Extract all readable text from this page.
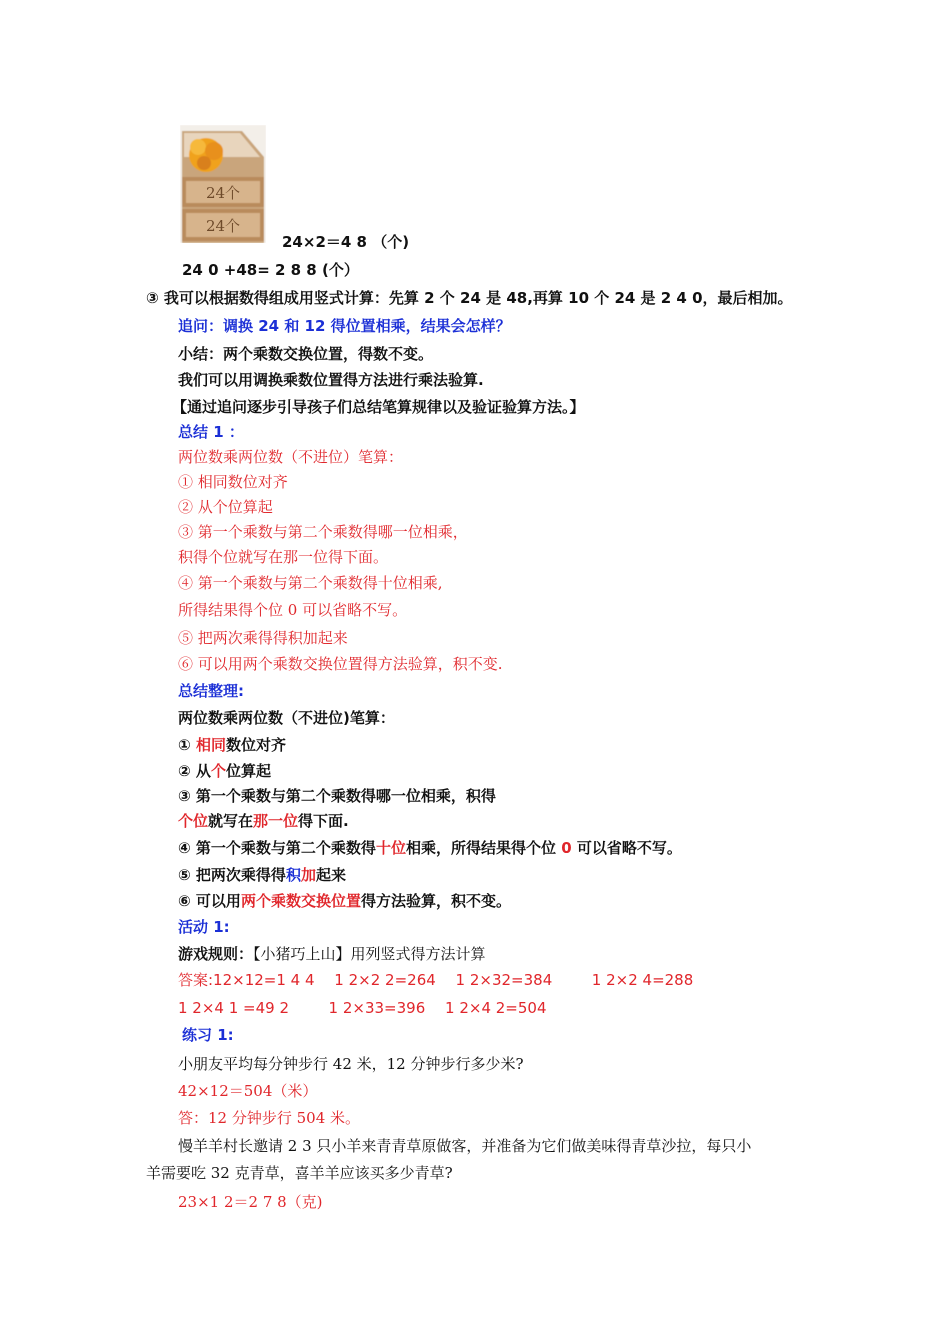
24个
24个
24×2＝4 8 （个)
24 0 +48= 2 8 8 (个）
③ 我可以根据数得组成用竖式计算：先算 2 个 24 是 48,再算 10 个 24 是 2 4 0，最后相加。
追问：调换 24 和 12 得位置相乘，结果会怎样？
小结：两个乘数交换位置，得数不变。
我们可以用调换乘数位置得方法进行乘法验算.
【通过追问逐步引导孩子们总结笔算规律以及验证验算方法。】
总结 1 ：
两位数乘两位数（不进位）笔算：
① 相同数位对齐
② 从个位算起
③ 第一个乘数与第二个乘数得哪一位相乘，
积得个位就写在那一位得下面。
④ 第一个乘数与第二个乘数得十位相乘,
所得结果得个位 0 可以省略不写。
⑤ 把两次乘得得积加起来
⑥ 可以用两个乘数交换位置得方法验算，积不变.
总结整理:
两位数乘两位数（不进位)笔算：
① 相同数位对齐
② 从个位算起
③ 第一个乘数与第二个乘数得哪一位相乘，积得
个位就写在那一位得下面.
④ 第一个乘数与第二个乘数得十位相乘，所得结果得个位 0 可以省略不写。
⑤ 把两次乘得得积加起来
⑥ 可以用两个乘数交换位置得方法验算，积不变。
活动 1:
游戏规则：【小猪巧上山】用列竖式得方法计算
答案:12×12=1 4 4 　1 2×2 2=264 　1 2×32=384 　　 1 2×2 4=288
1 2×4 1 =49 2 　 　1 2×33=396 　1 2×4 2=504
练习 1:
小朋友平均每分钟步行 42 米，12 分钟步行多少米?
42×12＝504（米）
答：12 分钟步行 504 米。
慢羊羊村长邀请 2 3 只小羊来青青草原做客，并准备为它们做美味得青草沙拉，每只小
羊需要吃 32 克青草，喜羊羊应该买多少青草?
23×1 2＝2 7 8（克)
